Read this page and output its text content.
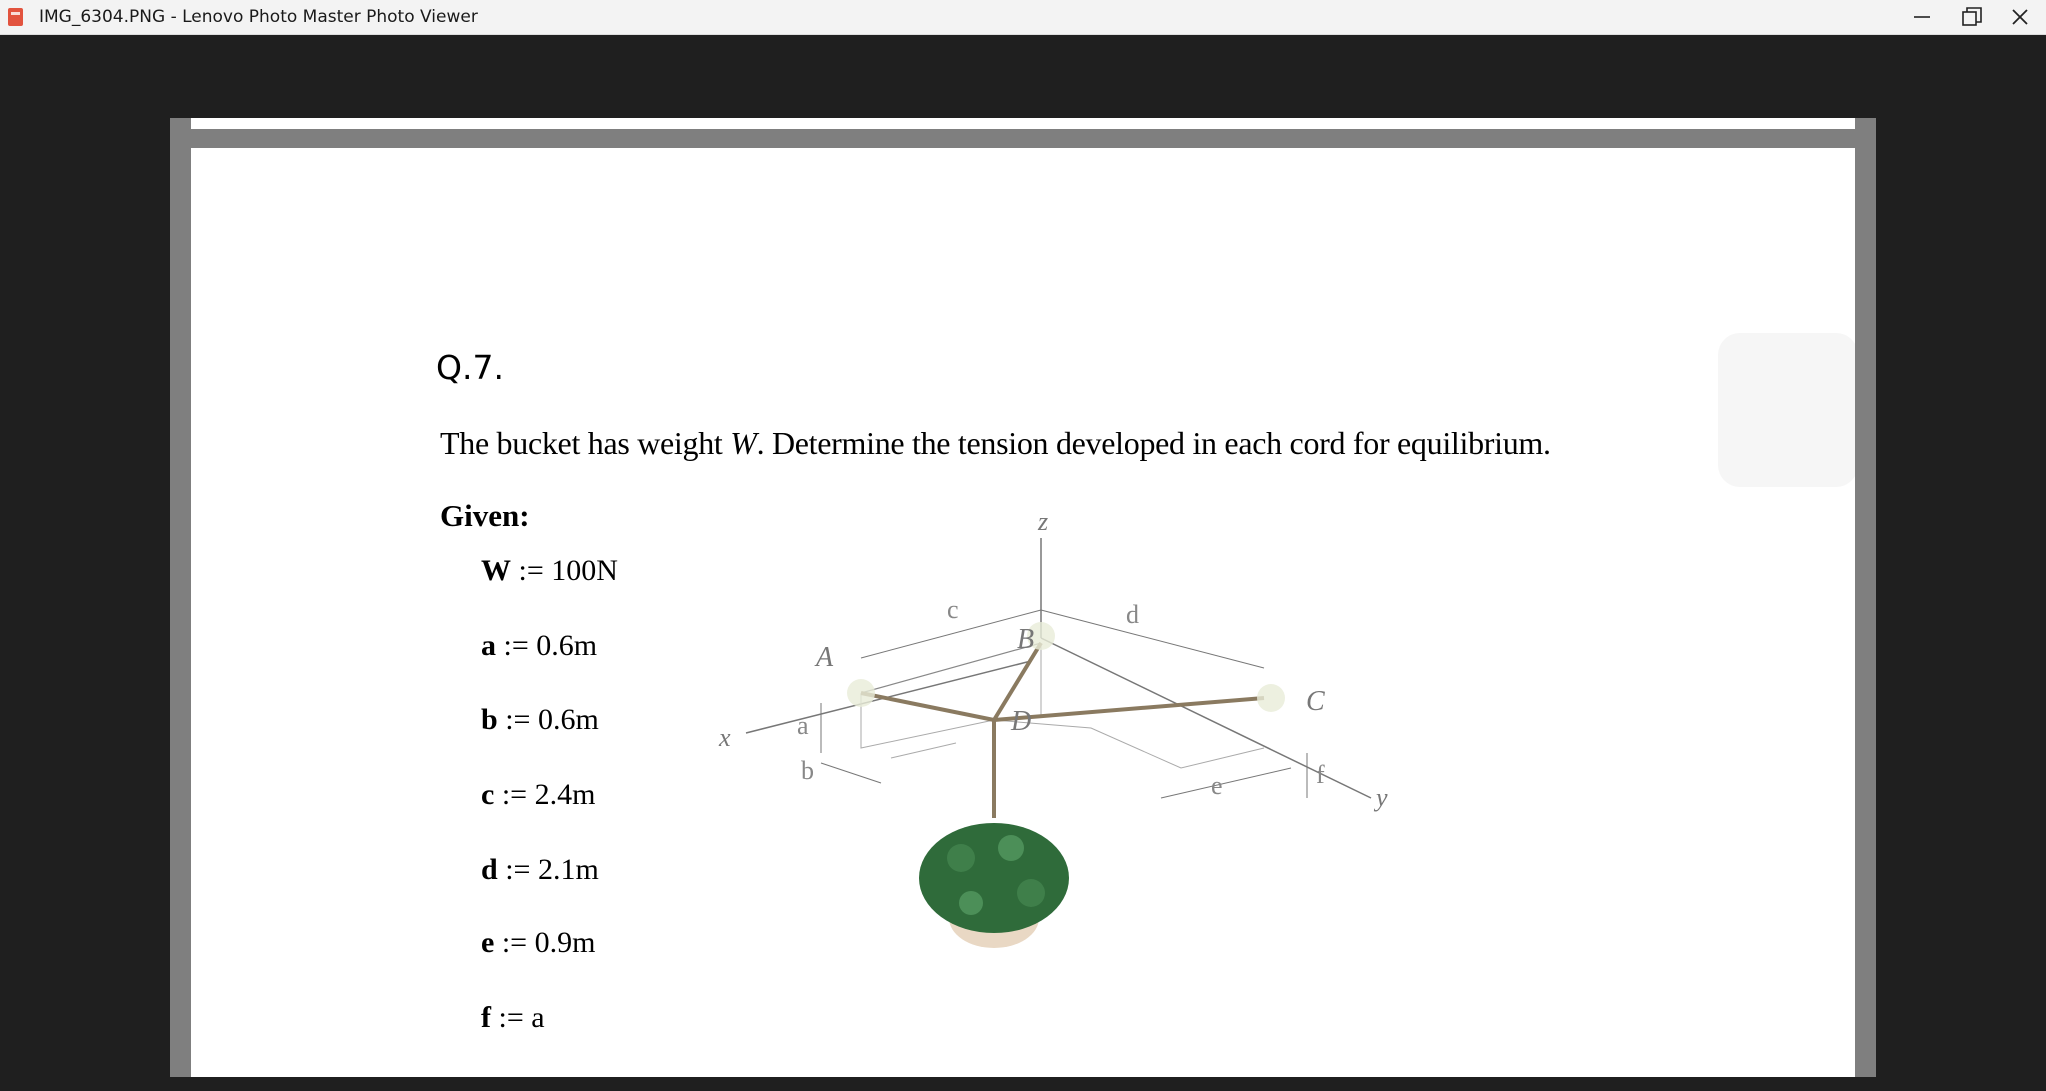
IMG_6304.PNG - Lenovo Photo Master Photo Viewer
Q.7.
The bucket has weight W. Determine the tension developed in each cord for equilibrium.
Given:
W := 100N
a := 0.6m
b := 0.6m
c := 2.4m
d := 2.1m
e := 0.9m
f := a
x
z
y
A
B
C
D
c	d
a
b
e	f
